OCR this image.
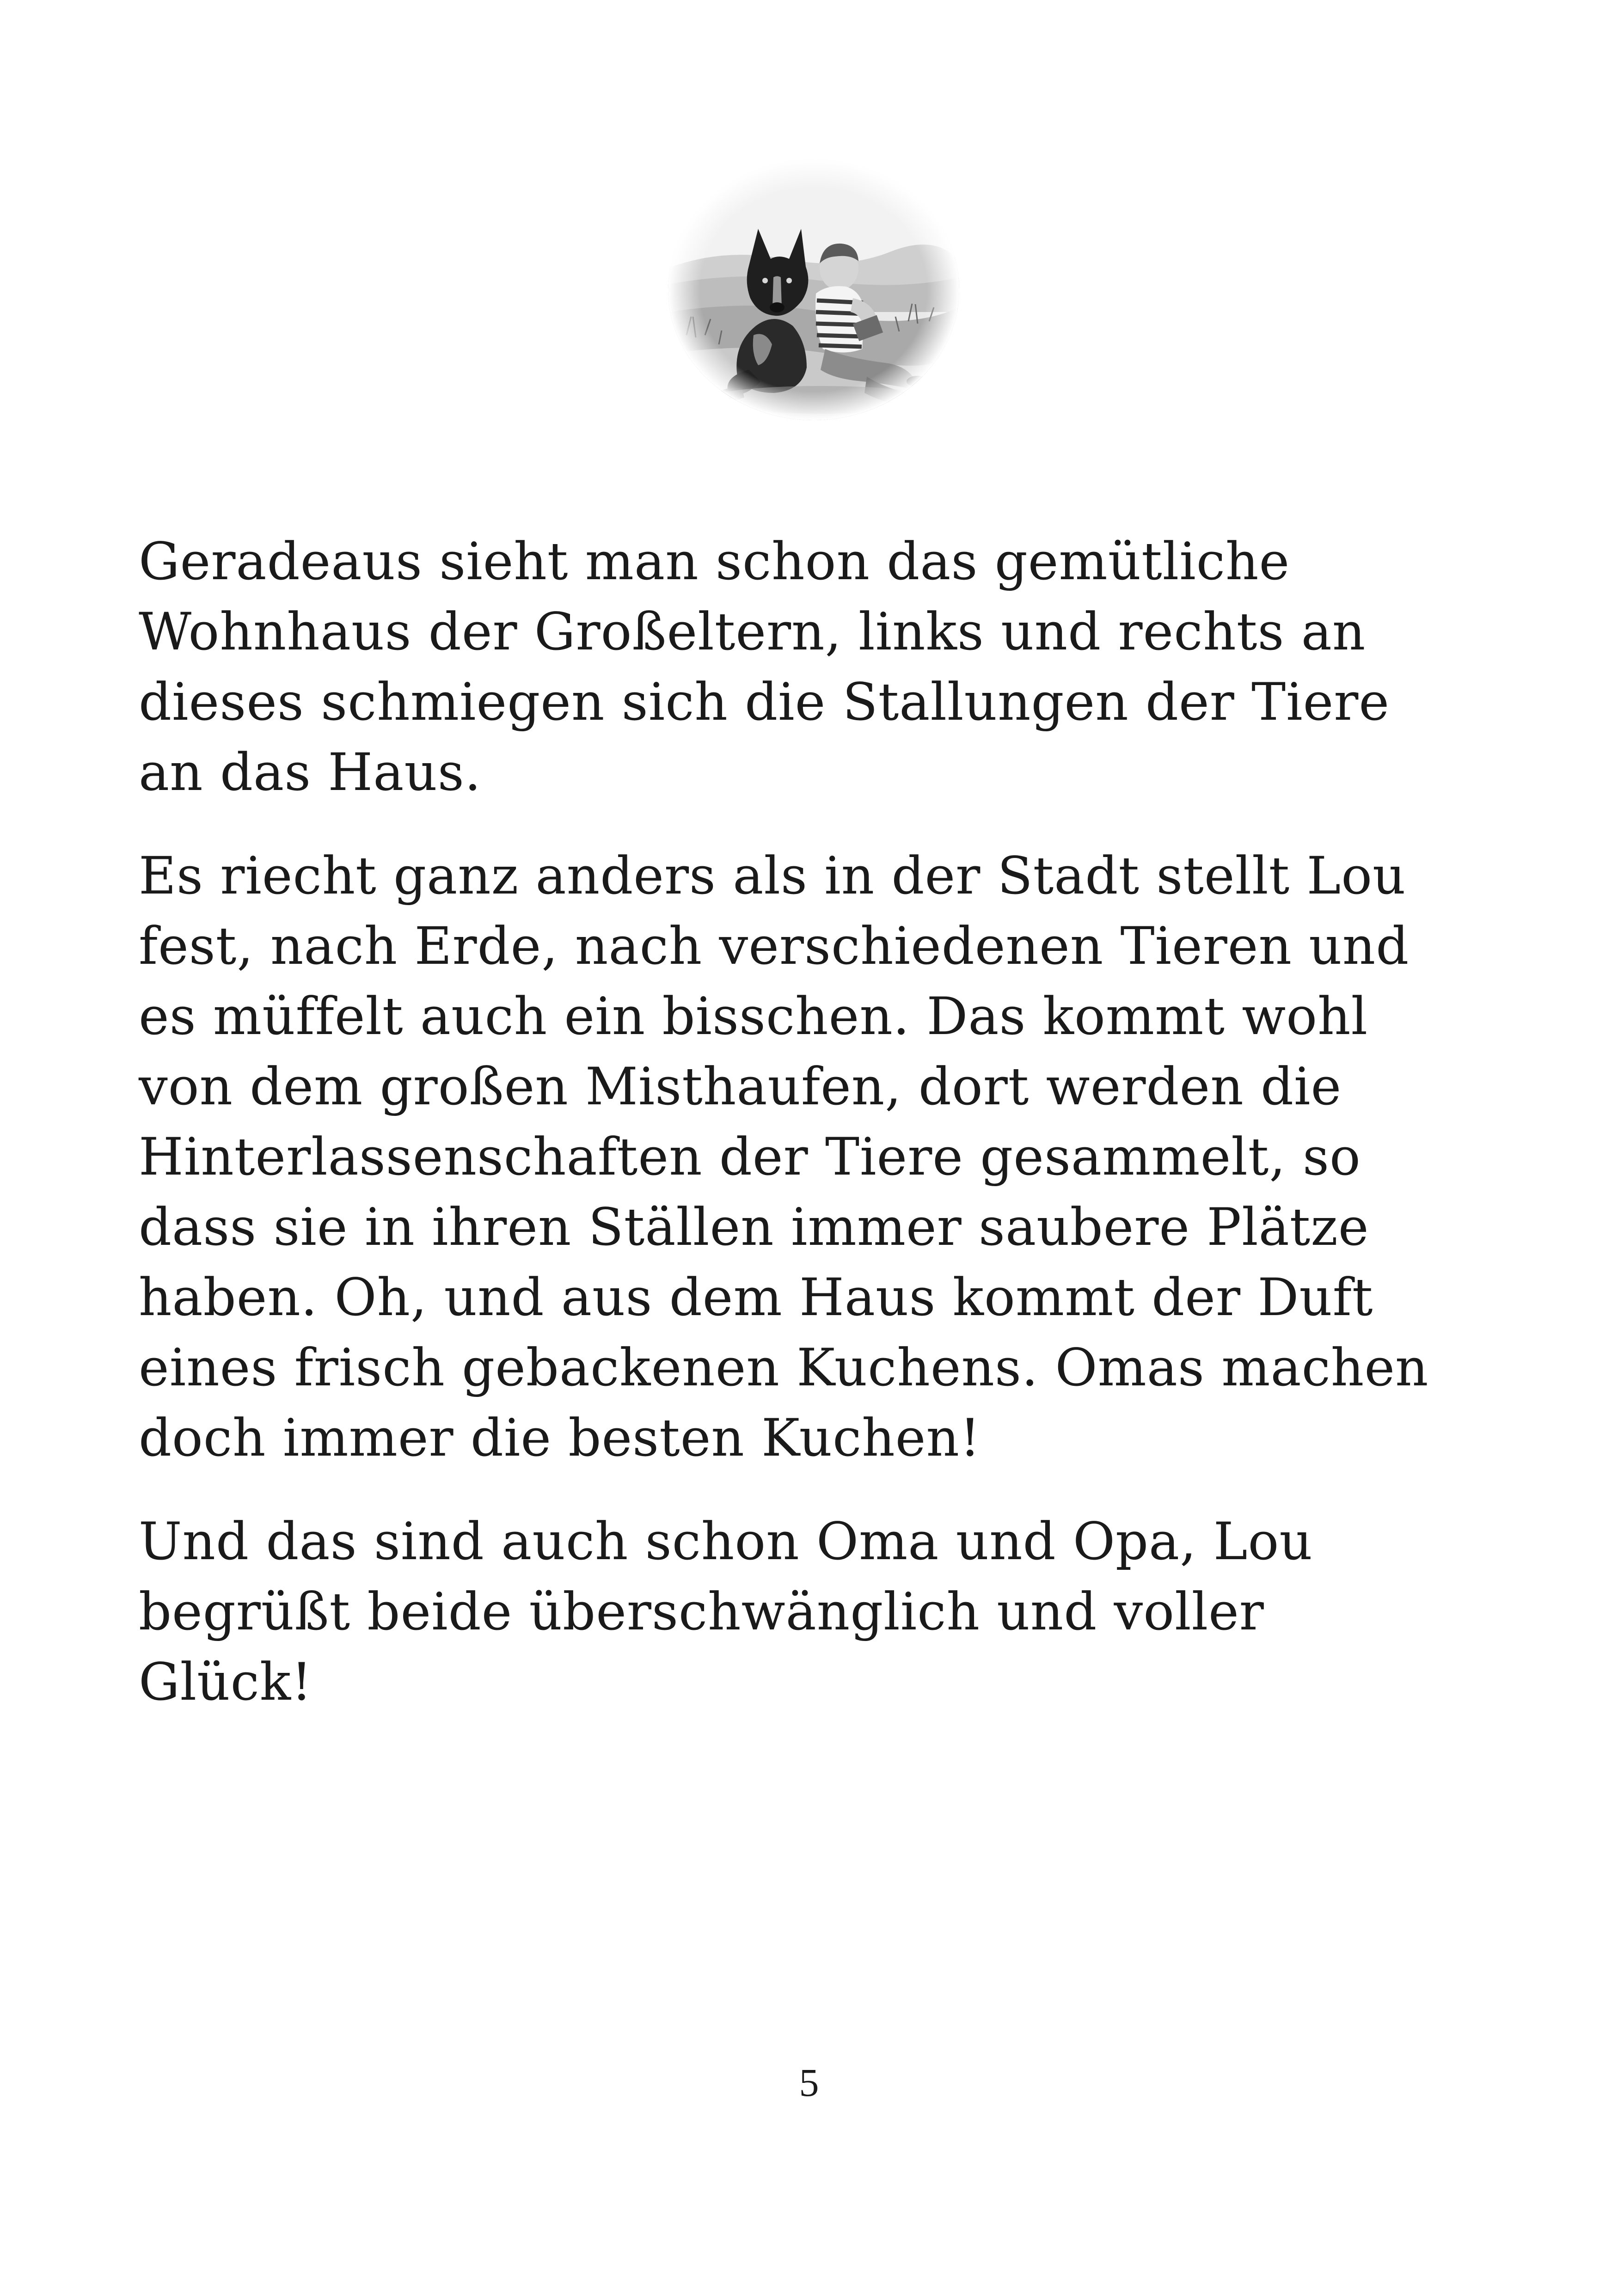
Geradeaus sieht man schon das gemütliche
Wohnhaus der Großeltern, links und rechts an
dieses schmiegen sich die Stallungen der Tiere
an das Haus.

Es riecht ganz anders als in der Stadt stellt Lou
fest, nach Erde, nach verschiedenen Tieren und
es müffelt auch ein bisschen. Das kommt wohl
von dem großen Misthaufen, dort werden die
Hinterlassenschaften der Tiere gesammelt, so
dass sie in ihren Ställen immer saubere Plätze
haben. Oh, und aus dem Haus kommt der Duft
eines frisch gebackenen Kuchens. Omas machen
doch immer die besten Kuchen!

Und das sind auch schon Oma und Opa, Lou
begrüßt beide überschwänglich und voller
Glück!

5
